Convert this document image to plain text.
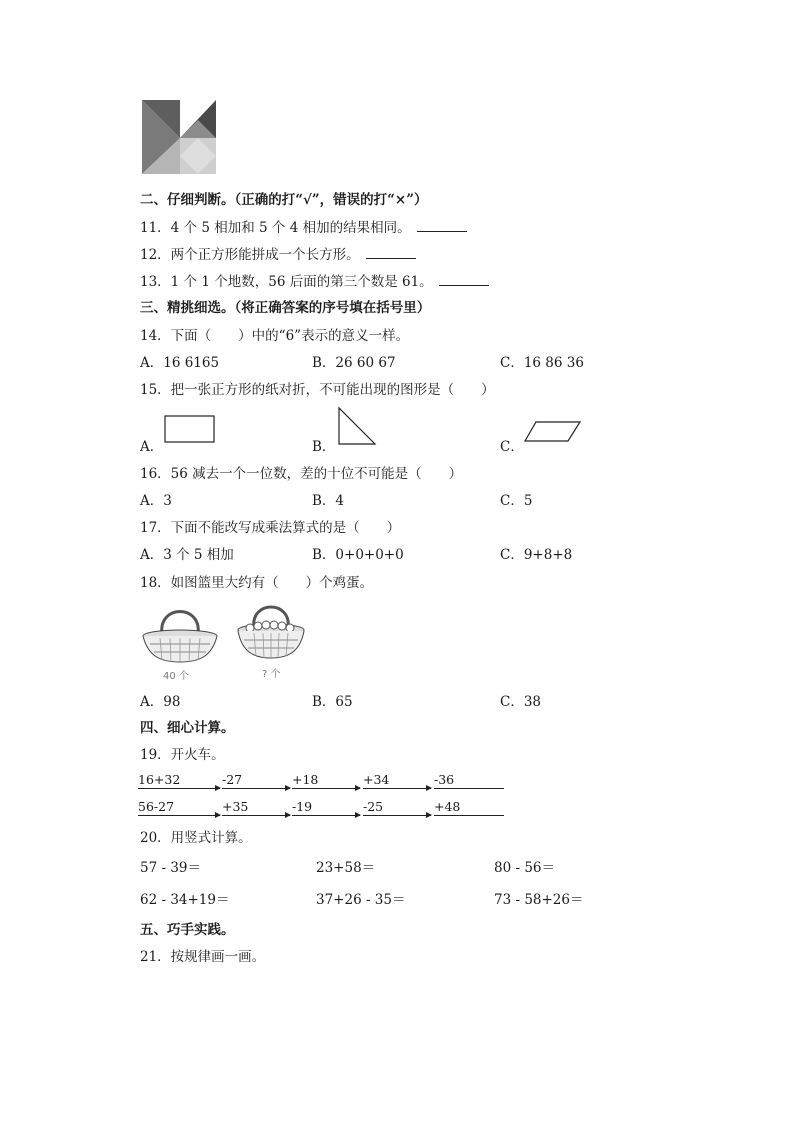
二、仔细判断。（正确的打“√”，错误的打“×”）
11．4 个 5 相加和 5 个 4 相加的结果相同。
12．两个正方形能拼成一个长方形。
13．1 个 1 个地数，56 后面的第三个数是 61。
三、精挑细选。（将正确答案的序号填在括号里）
14．下面（　　）中的“6”表示的意义一样。
A．16 6165	B．26 60 67	C．16 86 36
15．把一张正方形的纸对折，不可能出现的图形是（　　）
A．	B．	C．
16．56 减去一个一位数，差的十位不可能是（　　）
A．3	B．4	C．5
17．下面不能改写成乘法算式的是（　　）
A．3 个 5 相加	B．0+0+0+0	C．9+8+8
18．如图篮里大约有（　　）个鸡蛋。
40 个	? 个
A．98	B．65	C．38
四、细心计算。
19．开火车。
16+32	-27	+18	+34	-36
56-27	+35	-19	-25	+48
20．用竖式计算。
57 - 39＝	23+58＝	80 - 56＝
62 - 34+19＝	37+26 - 35＝	73 - 58+26＝
五、巧手实践。
21．按规律画一画。
